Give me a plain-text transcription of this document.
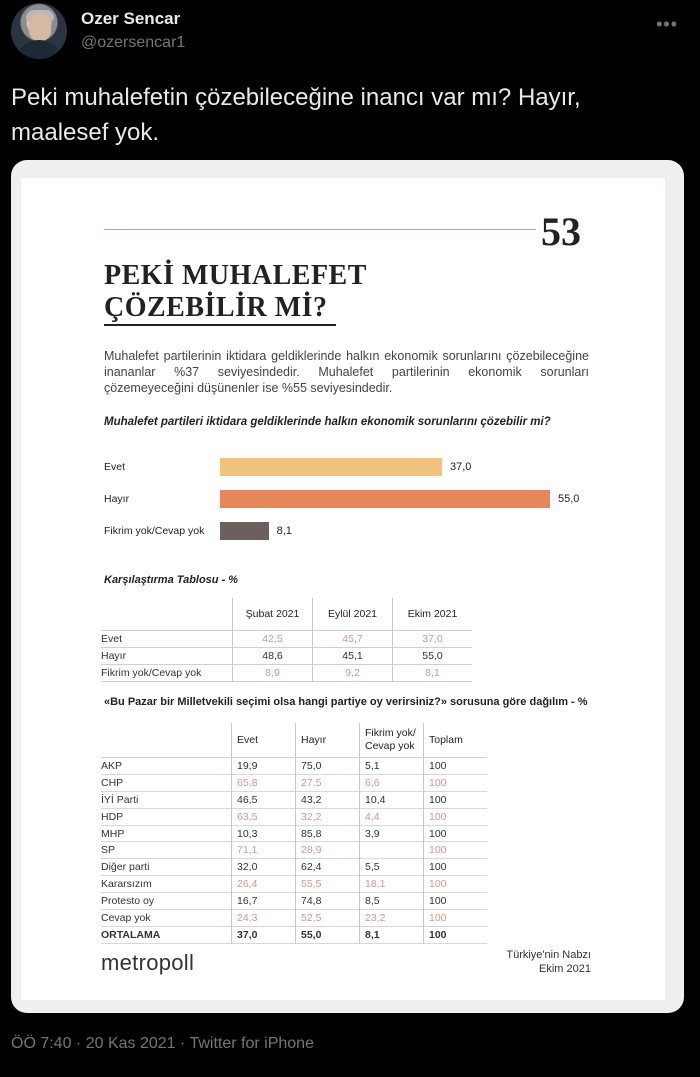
Ozer Sencar
@ozersencar1
•••
Peki muhalefetin çözebileceğine inancı var mı? Hayır, maalesef yok.
53
PEKİ MUHALEFET
ÇÖZEBİLİR Mİ?
Muhalefet partilerinin iktidara geldiklerinde halkın ekonomik sorunlarını çözebileceğine inananlar %37 seviyesindedir. Muhalefet partilerinin ekonomik sorunları çözemeyeceğini düşünenler ise %55 seviyesindedir.
Muhalefet partileri iktidara geldiklerinde halkın ekonomik sorunlarını çözebilir mi?
Evet	37,0
Hayır	55,0
Fikrim yok/Cevap yok	8,1
Karşılaştırma Tablosu - %
	Şubat 2021	Eylül 2021	Ekim 2021
Evet	42,5	45,7	37,0
Hayır	48,6	45,1	55,0
Fikrim yok/Cevap yok	8,9	9,2	8,1
«Bu Pazar bir Milletvekili seçimi olsa hangi partiye oy verirsiniz?» sorusuna göre dağılım - %
	Evet	Hayır	Fikrim yok/ Cevap yok	Toplam
AKP	19,9	75,0	5,1	100
CHP	65,8	27,5	6,6	100
İYİ Parti	46,5	43,2	10,4	100
HDP	63,5	32,2	4,4	100
MHP	10,3	85,8	3,9	100
SP	71,1	28,9		100
Diğer parti	32,0	62,4	5,5	100
Kararsızım	26,4	55,5	18,1	100
Protesto oy	16,7	74,8	8,5	100
Cevap yok	24,3	52,5	23,2	100
ORTALAMA	37,0	55,0	8,1	100
metropoll	Türkiye'nin Nabzı
Ekim 2021
ÖÖ 7:40 · 20 Kas 2021 · Twitter for iPhone
